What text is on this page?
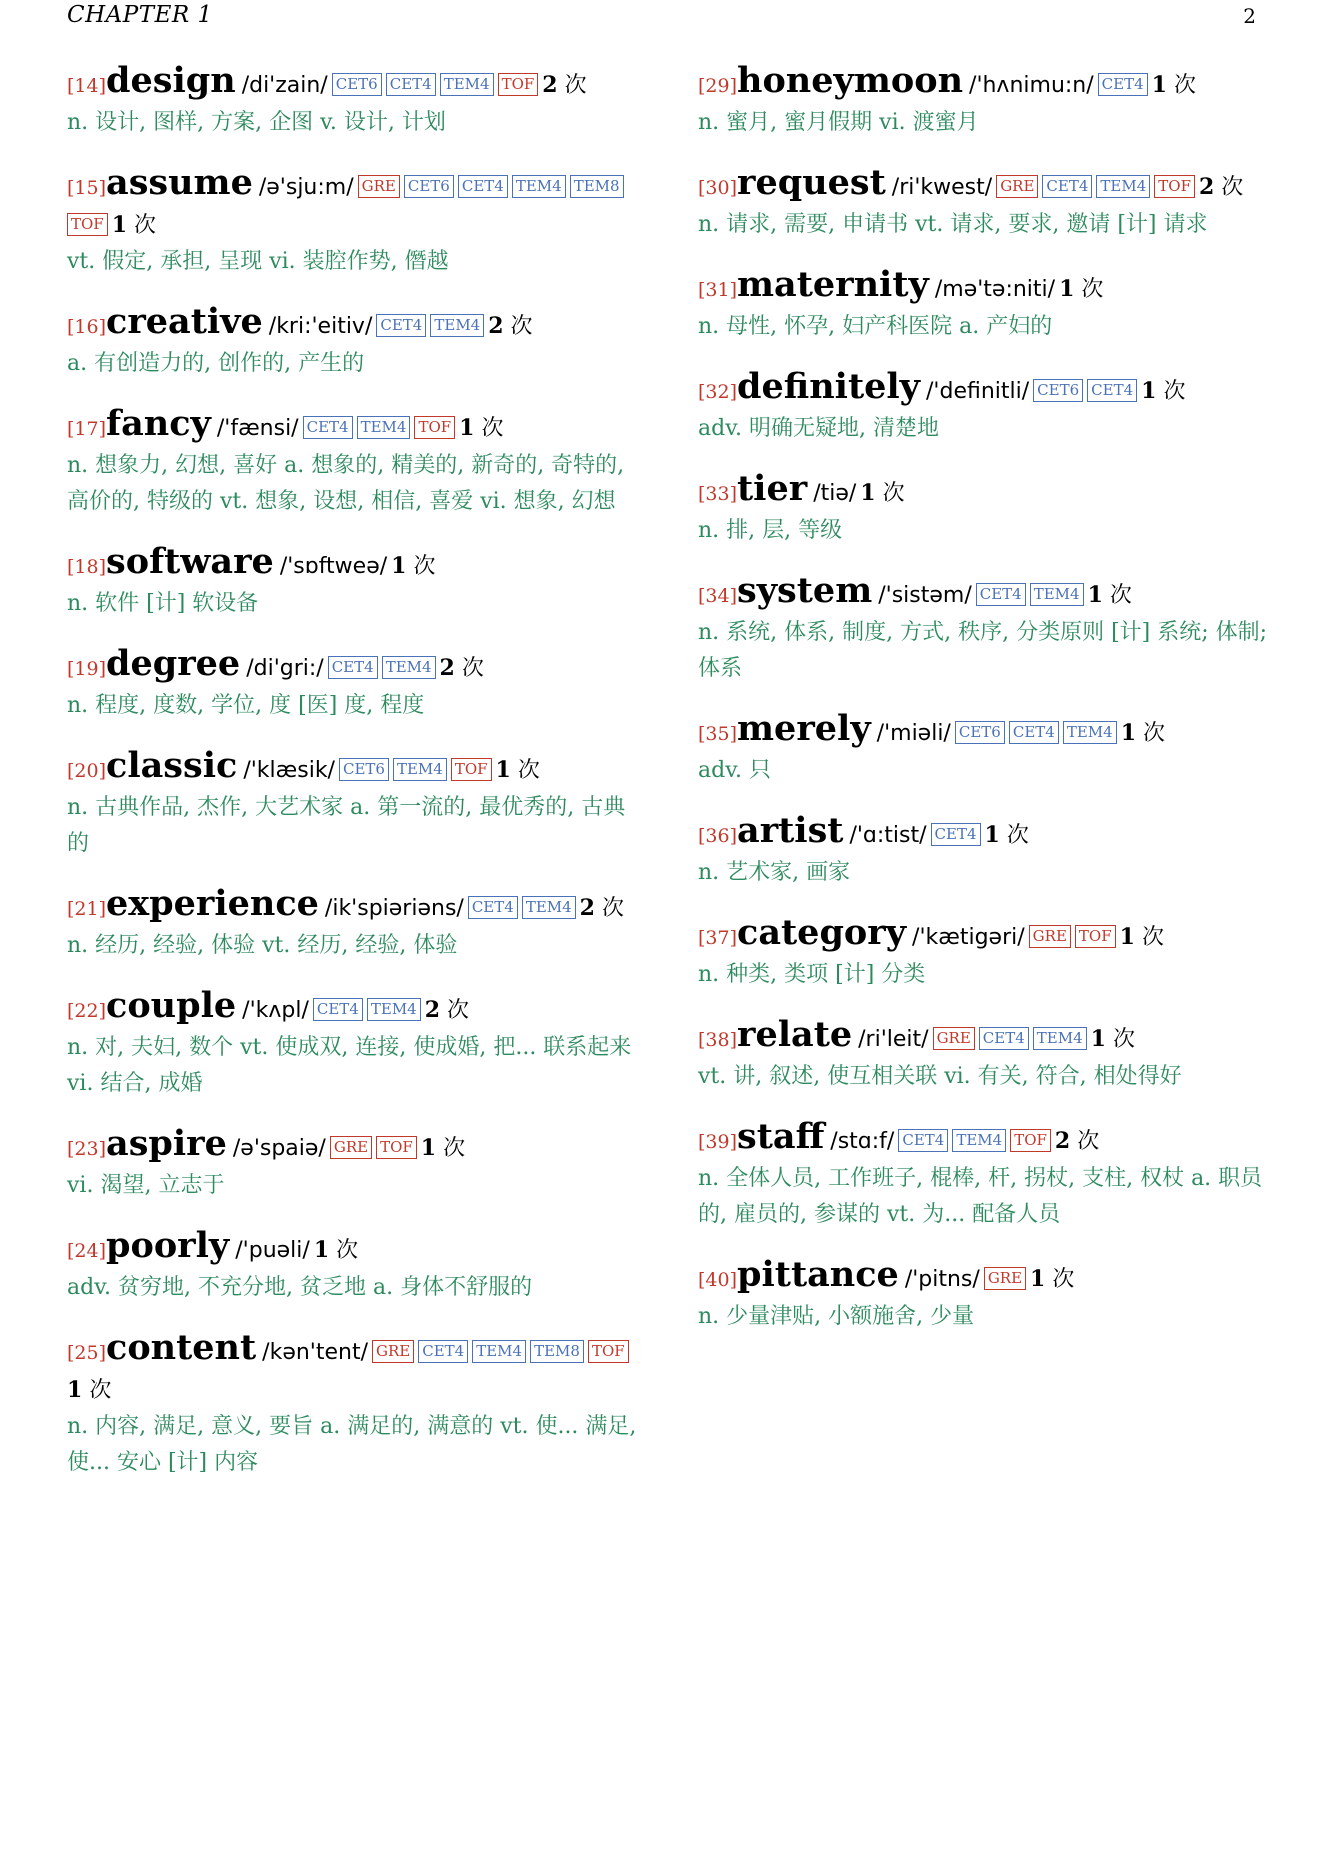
CHAPTER 1	2
[14]design /di'zain/ CET6 CET4 TEM4 TOF 2 次
n. 设计, 图样, 方案, 企图 v. 设计, 计划
[15]assume /ə'sju:m/ GRE CET6 CET4 TEM4 TEM8TOF 1 次
vt. 假定, 承担, 呈现 vi. 装腔作势, 僭越
[16]creative /kri:'eitiv/ CET4 TEM4 2 次
a. 有创造力的, 创作的, 产生的
[17]fancy /'fænsi/ CET4 TEM4 TOF 1 次
n. 想象力, 幻想, 喜好 a. 想象的, 精美的, 新奇的, 奇特的, 高价的, 特级的 vt. 想象, 设想, 相信, 喜爱 vi. 想象, 幻想
[18]software /'sɒftweə/ 1 次
n. 软件 [计] 软设备
[19]degree /di'gri:/ CET4 TEM4 2 次
n. 程度, 度数, 学位, 度 [医] 度, 程度
[20]classic /'klæsik/ CET6 TEM4 TOF 1 次
n. 古典作品, 杰作, 大艺术家 a. 第一流的, 最优秀的, 古典的
[21]experience /ik'spiəriəns/ CET4 TEM4 2 次
n. 经历, 经验, 体验 vt. 经历, 经验, 体验
[22]couple /'kʌpl/ CET4 TEM4 2 次
n. 对, 夫妇, 数个 vt. 使成双, 连接, 使成婚, 把... 联系起来 vi. 结合, 成婚
[23]aspire /ə'spaiə/ GRE TOF 1 次
vi. 渴望, 立志于
[24]poorly /'puəli/ 1 次
adv. 贫穷地, 不充分地, 贫乏地 a. 身体不舒服的
[25]content /kən'tent/ GRE CET4 TEM4 TEM8 TOF1 次
n. 内容, 满足, 意义, 要旨 a. 满足的, 满意的 vt. 使... 满足, 使... 安心 [计] 内容
[29]honeymoon /'hʌnimu:n/ CET4 1 次
n. 蜜月, 蜜月假期 vi. 渡蜜月
[30]request /ri'kwest/ GRE CET4 TEM4 TOF 2 次
n. 请求, 需要, 申请书 vt. 请求, 要求, 邀请 [计] 请求
[31]maternity /mə'tə:niti/ 1 次
n. 母性, 怀孕, 妇产科医院 a. 产妇的
[32]definitely /'definitli/ CET6 CET4 1 次
adv. 明确无疑地, 清楚地
[33]tier /tiə/ 1 次
n. 排, 层, 等级
[34]system /'sistəm/ CET4 TEM4 1 次
n. 系统, 体系, 制度, 方式, 秩序, 分类原则 [计] 系统; 体制; 体系
[35]merely /'miəli/ CET6 CET4 TEM4 1 次
adv. 只
[36]artist /'ɑ:tist/ CET4 1 次
n. 艺术家, 画家
[37]category /'kætigəri/ GRE TOF 1 次
n. 种类, 类项 [计] 分类
[38]relate /ri'leit/ GRE CET4 TEM4 1 次
vt. 讲, 叙述, 使互相关联 vi. 有关, 符合, 相处得好
[39]staff /stɑ:f/ CET4 TEM4 TOF 2 次
n. 全体人员, 工作班子, 棍棒, 杆, 拐杖, 支柱, 权杖 a. 职员的, 雇员的, 参谋的 vt. 为... 配备人员
[40]pittance /'pitns/ GRE 1 次
n. 少量津贴, 小额施舍, 少量
